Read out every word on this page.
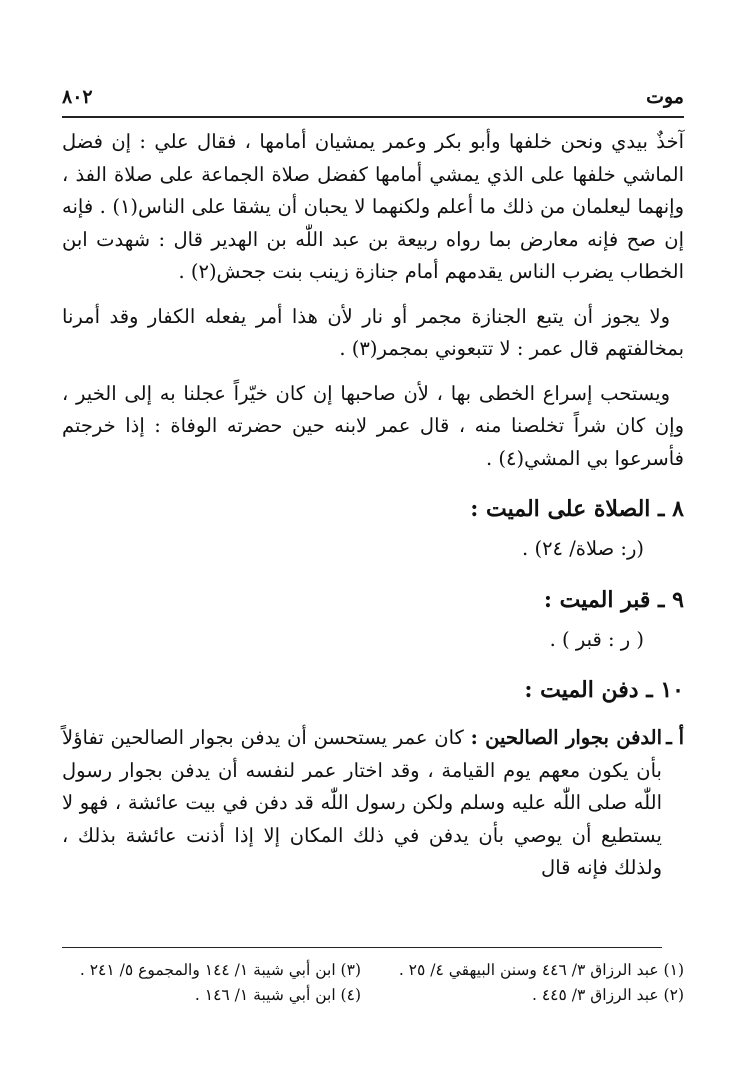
موت
٨٠٢

آخذٌ بيدي ونحن خلفها وأبو بكر وعمر يمشيان أمامها ، فقال علي : إن فضل الماشي خلفها على الذي يمشي أمامها كفضل صلاة الجماعة على صلاة الفذ ، وإنهما ليعلمان من ذلك ما أعلم ولكنهما لا يحبان أن يشقا على الناس(١) . فإنه إن صح فإنه معارض بما رواه ربيعة بن عبد اللّٰه بن الهدير قال : شهدت ابن الخطاب يضرب الناس يقدمهم أمام جنازة زينب بنت جحش(٢) .

ولا يجوز أن يتبع الجنازة مجمر أو نار لأن هذا أمر يفعله الكفار وقد أمرنا بمخالفتهم قال عمر : لا تتبعوني بمجمر(٣) .

ويستحب إسراع الخطى بها ، لأن صاحبها إن كان خيّراً عجلنا به إلى الخير ، وإن كان شراً تخلصنا منه ، قال عمر لابنه حين حضرته الوفاة : إذا خرجتم فأسرعوا بي المشي(٤) .

٨ ـ الصلاة على الميت :
(ر: صلاة/ ٢٤) .
٩ ـ قبر الميت :
( ر : قبر ) .
١٠ ـ دفن الميت :
أ ـ
الدفن بجوار الصالحين : كان عمر يستحسن أن يدفن بجوار الصالحين تفاؤلاً بأن يكون معهم يوم القيامة ، وقد اختار عمر لنفسه أن يدفن بجوار رسول اللّٰه صلى اللّٰه عليه وسلم ولكن رسول اللّٰه قد دفن في بيت عائشة ، فهو لا يستطيع أن يوصي بأن يدفن في ذلك المكان إلا إذا أذنت عائشة بذلك ، ولذلك فإنه قال
(١) عبد الرزاق ٣/ ٤٤٦ وسنن البيهقي ٤/ ٢٥ .
(٣) ابن أبي شيبة ١/ ١٤٤ والمجموع ٥/ ٢٤١ .
(٢) عبد الرزاق ٣/ ٤٤٥ .
(٤) ابن أبي شيبة ١/ ١٤٦ .
